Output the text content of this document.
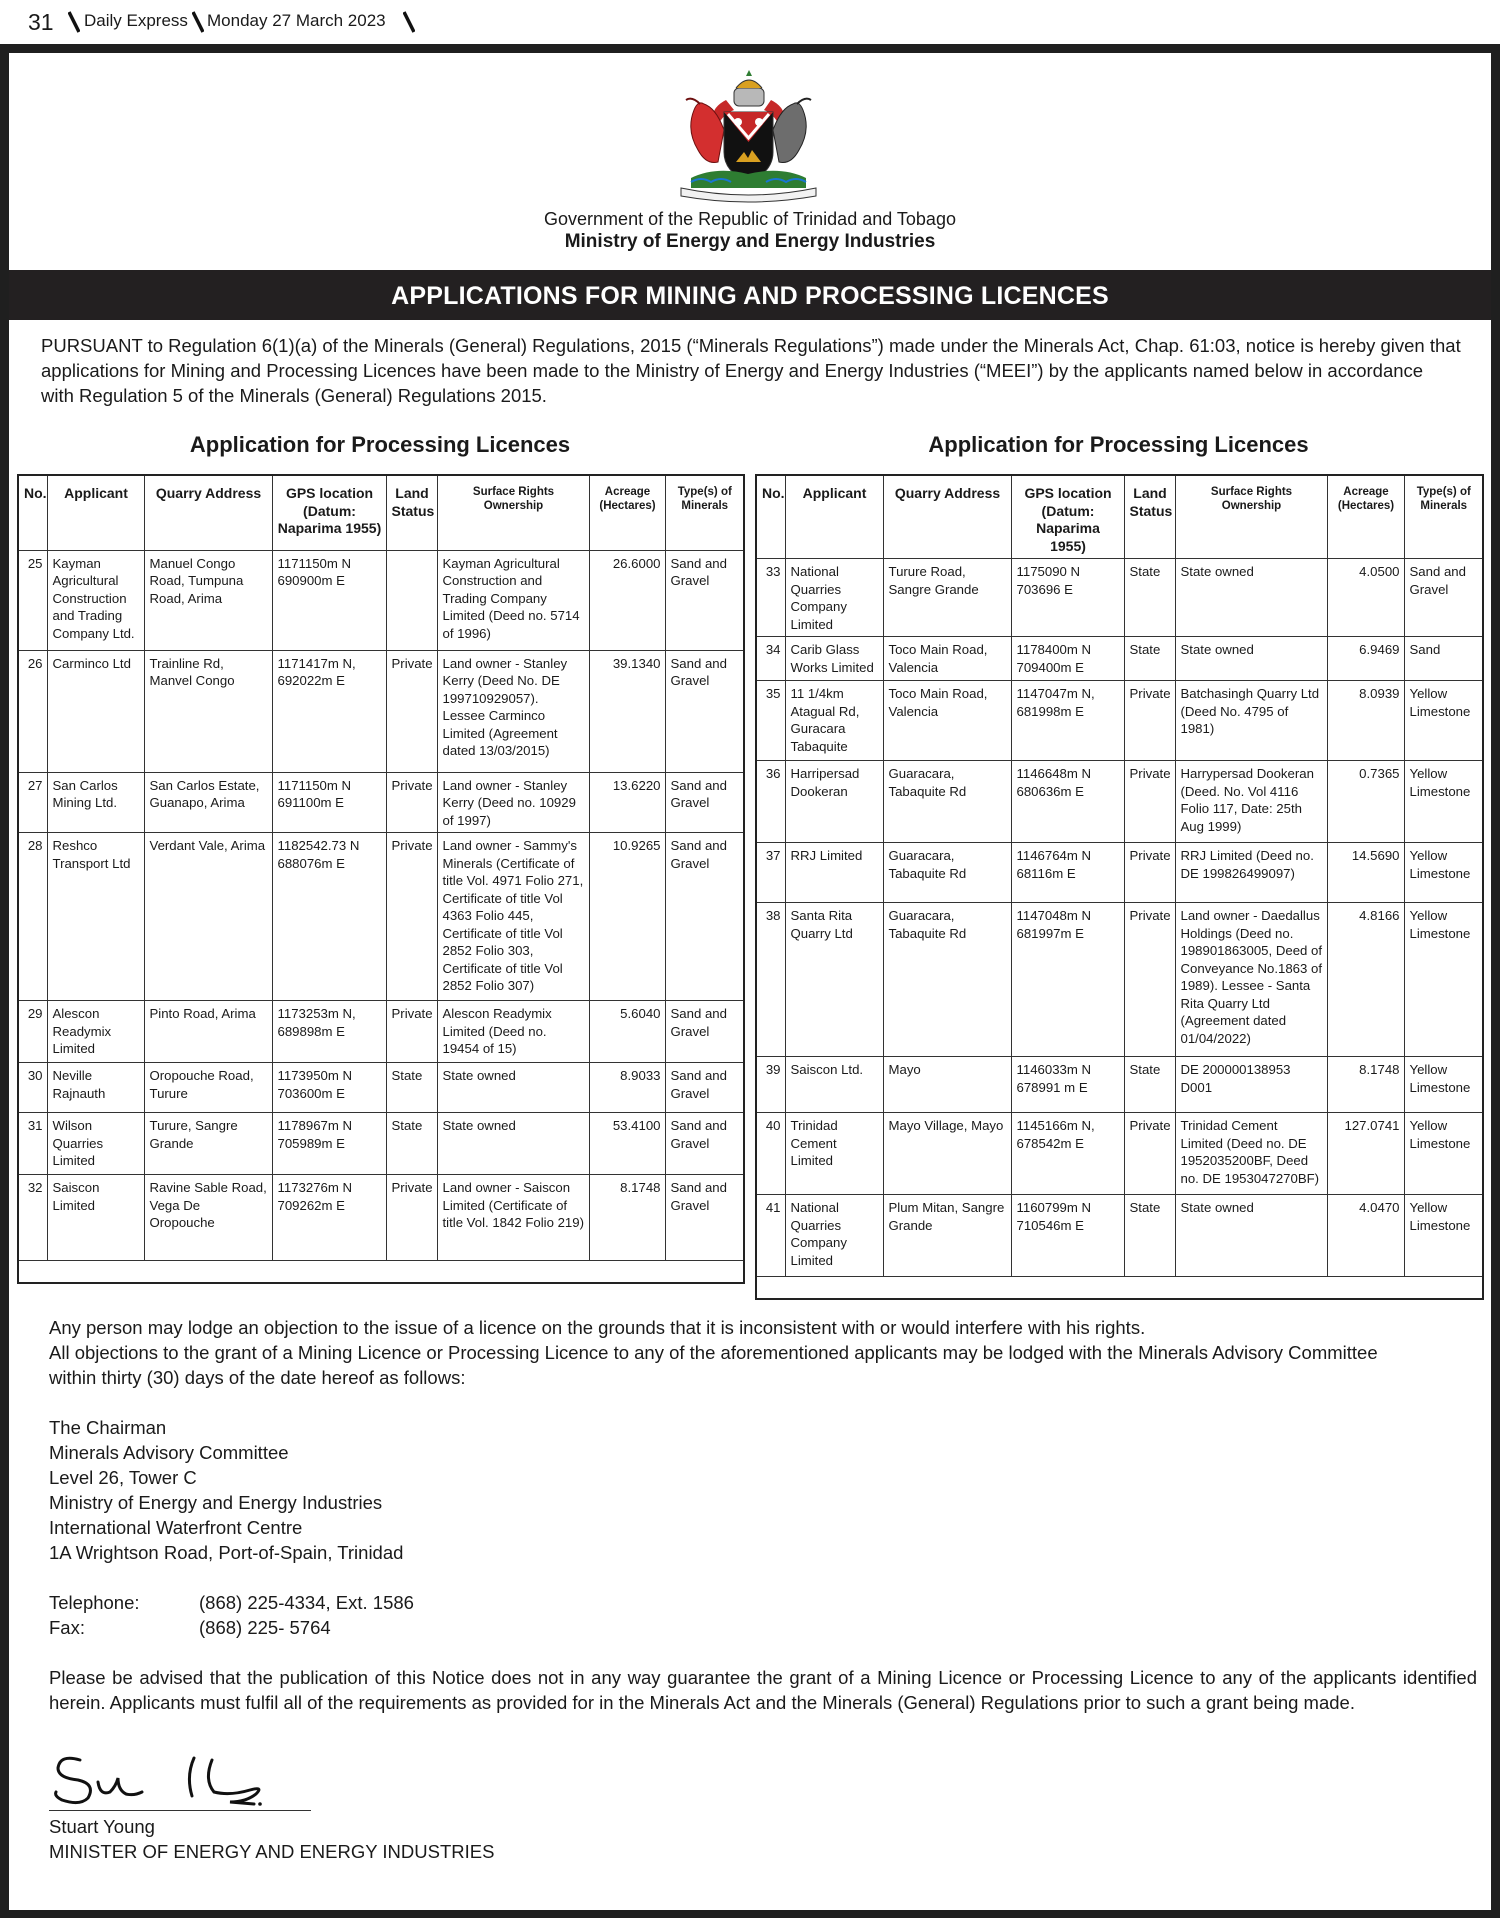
31 Daily Express Monday 27 March 2023
Government of the Republic of Trinidad and Tobago
Ministry of Energy and Energy Industries
APPLICATIONS FOR MINING AND PROCESSING LICENCES

PURSUANT to Regulation 6(1)(a) of the Minerals (General) Regulations, 2015 (“Minerals Regulations”) made under the Minerals Act, Chap. 61:03, notice is hereby given that applications for Mining and Processing Licences have been made to the Ministry of Energy and Energy Industries (“MEEI”) by the applicants named below in accordance with Regulation 5 of the Minerals (General) Regulations 2015.

Application for Processing Licences
No.	Applicant	Quarry Address	GPS location (Datum: Naparima 1955)	Land Status	Surface Rights Ownership	Acreage (Hectares)	Type(s) of Minerals
25	Kayman Agricultural Construction and Trading Company Ltd.	Manuel Congo Road, Tumpuna Road, Arima	1171150m N 690900m E		Kayman Agricultural Construction and Trading Company Limited (Deed no. 5714 of 1996)	26.6000	Sand and Gravel
26	Carminco Ltd	Trainline Rd, Manvel Congo	1171417m N, 692022m E	Private	Land owner - Stanley Kerry (Deed No. DE 199710929057). Lessee Carminco Limited (Agreement dated 13/03/2015)	39.1340	Sand and Gravel
27	San Carlos Mining Ltd.	San Carlos Estate, Guanapo, Arima	1171150m N 691100m E	Private	Land owner - Stanley Kerry (Deed no. 10929 of 1997)	13.6220	Sand and Gravel
28	Reshco Transport Ltd	Verdant Vale, Arima	1182542.73 N 688076m E	Private	Land owner - Sammy's Minerals (Certificate of title Vol. 4971 Folio 271, Certificate of title Vol 4363 Folio 445, Certificate of title Vol 2852 Folio 303, Certificate of title Vol 2852 Folio 307)	10.9265	Sand and Gravel
29	Alescon Readymix Limited	Pinto Road, Arima	1173253m N, 689898m E	Private	Alescon Readymix Limited (Deed no. 19454 of 15)	5.6040	Sand and Gravel
30	Neville Rajnauth	Oropouche Road, Turure	1173950m N 703600m E	State	State owned	8.9033	Sand and Gravel
31	Wilson Quarries Limited	Turure, Sangre Grande	1178967m N 705989m E	State	State owned	53.4100	Sand and Gravel
32	Saiscon Limited	Ravine Sable Road, Vega De Oropouche	1173276m N 709262m E	Private	Land owner - Saiscon Limited (Certificate of title Vol. 1842 Folio 219)	8.1748	Sand and Gravel

Application for Processing Licences
No.	Applicant	Quarry Address	GPS location (Datum: Naparima 1955)	Land Status	Surface Rights Ownership	Acreage (Hectares)	Type(s) of Minerals
33	National Quarries Company Limited	Turure Road, Sangre Grande	1175090 N 703696 E	State	State owned	4.0500	Sand and Gravel
34	Carib Glass Works Limited	Toco Main Road, Valencia	1178400m N 709400m E	State	State owned	6.9469	Sand
35	11 1/4km Atagual Rd, Guracara Tabaquite	Toco Main Road, Valencia	1147047m N, 681998m E	Private	Batchasingh Quarry Ltd (Deed No. 4795 of 1981)	8.0939	Yellow Limestone
36	Harripersad Dookeran	Guaracara, Tabaquite Rd	1146648m N 680636m E	Private	Harrypersad Dookeran (Deed. No. Vol 4116 Folio 117, Date: 25th Aug 1999)	0.7365	Yellow Limestone
37	RRJ Limited	Guaracara, Tabaquite Rd	1146764m N 68116m E	Private	RRJ Limited (Deed no. DE 199826499097)	14.5690	Yellow Limestone
38	Santa Rita Quarry Ltd	Guaracara, Tabaquite Rd	1147048m N 681997m E	Private	Land owner - Daedallus Holdings (Deed no. 198901863005, Deed of Conveyance No.1863 of 1989). Lessee - Santa Rita Quarry Ltd (Agreement dated 01/04/2022)	4.8166	Yellow Limestone
39	Saiscon Ltd.	Mayo	1146033m N 678991 m E	State	DE 200000138953 D001	8.1748	Yellow Limestone
40	Trinidad Cement Limited	Mayo Village, Mayo	1145166m N, 678542m E	Private	Trinidad Cement Limited (Deed no. DE 1952035200BF, Deed no. DE 1953047270BF)	127.0741	Yellow Limestone
41	National Quarries Company Limited	Plum Mitan, Sangre Grande	1160799m N 710546m E	State	State owned	4.0470	Yellow Limestone

Any person may lodge an objection to the issue of a licence on the grounds that it is inconsistent with or would interfere with his rights.

All objections to the grant of a Mining Licence or Processing Licence to any of the aforementioned applicants may be lodged with the Minerals Advisory Committee within thirty (30) days of the date hereof as follows:

The Chairman
Minerals Advisory Committee
Level 26, Tower C
Ministry of Energy and Energy Industries
International Waterfront Centre
1A Wrightson Road, Port-of-Spain, Trinidad
Telephone:	(868) 225-4334, Ext. 1586
Fax:	(868) 225- 5764

Please be advised that the publication of this Notice does not in any way guarantee the grant of a Mining Licence or Processing Licence to any of the applicants identified herein. Applicants must fulfil all of the requirements as provided for in the Minerals Act and the Minerals (General) Regulations prior to such a grant being made.

Stuart Young
MINISTER OF ENERGY AND ENERGY INDUSTRIES
